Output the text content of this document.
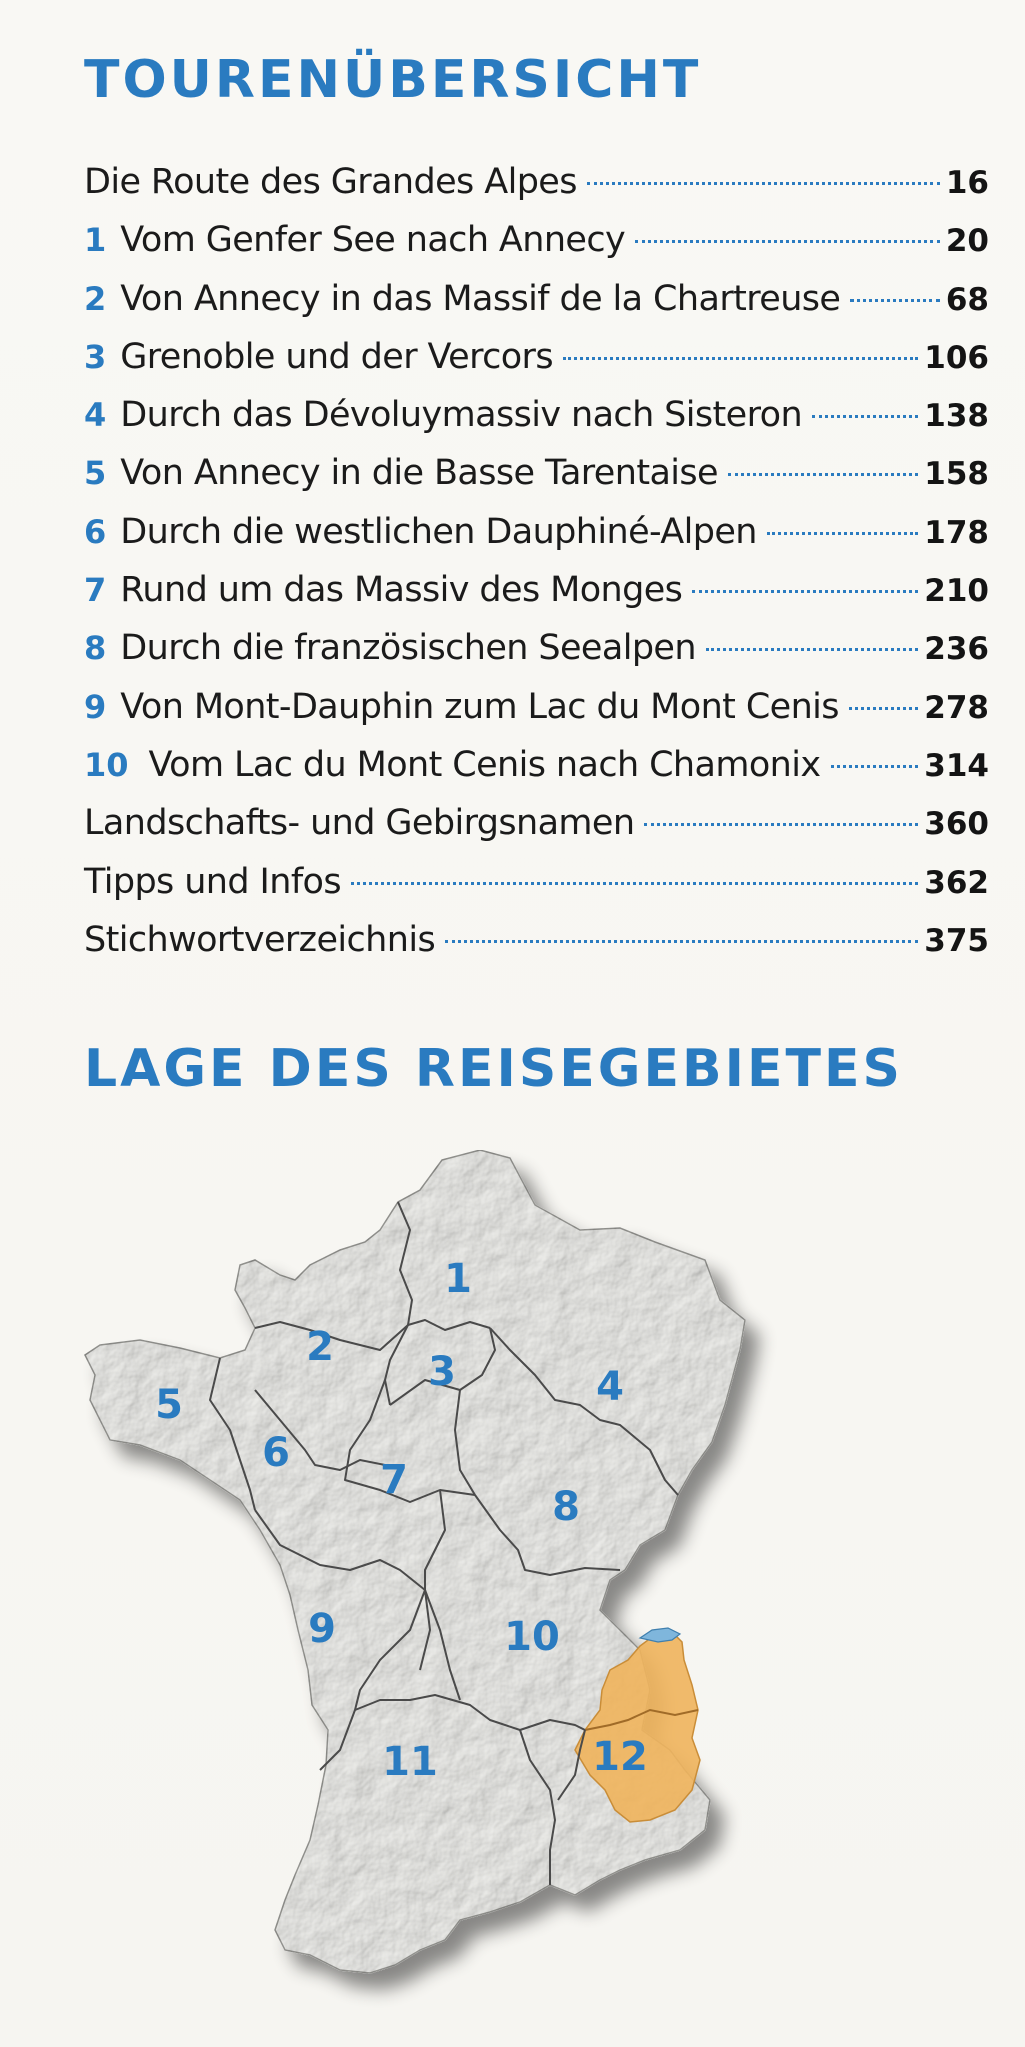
TOURENÜBERSICHT
Die Route des Grandes Alpes	16
1 Vom Genfer See nach Annecy	20
2 Von Annecy in das Massif de la Chartreuse	68
3 Grenoble und der Vercors	106
4 Durch das Dévoluymassiv nach Sisteron	138
5 Von Annecy in die Basse Tarentaise	158
6 Durch die westlichen Dauphiné-Alpen	178
7 Rund um das Massiv des Monges	210
8 Durch die französischen Seealpen	236
9 Von Mont-Dauphin zum Lac du Mont Cenis	278
10 Vom Lac du Mont Cenis nach Chamonix	314
Landschafts- und Gebirgsnamen	360
Tipps und Infos	362
Stichwortverzeichnis	375
LAGE DES REISEGEBIETES
1
2
3	4
5
6
7
8
9	10
11	12
